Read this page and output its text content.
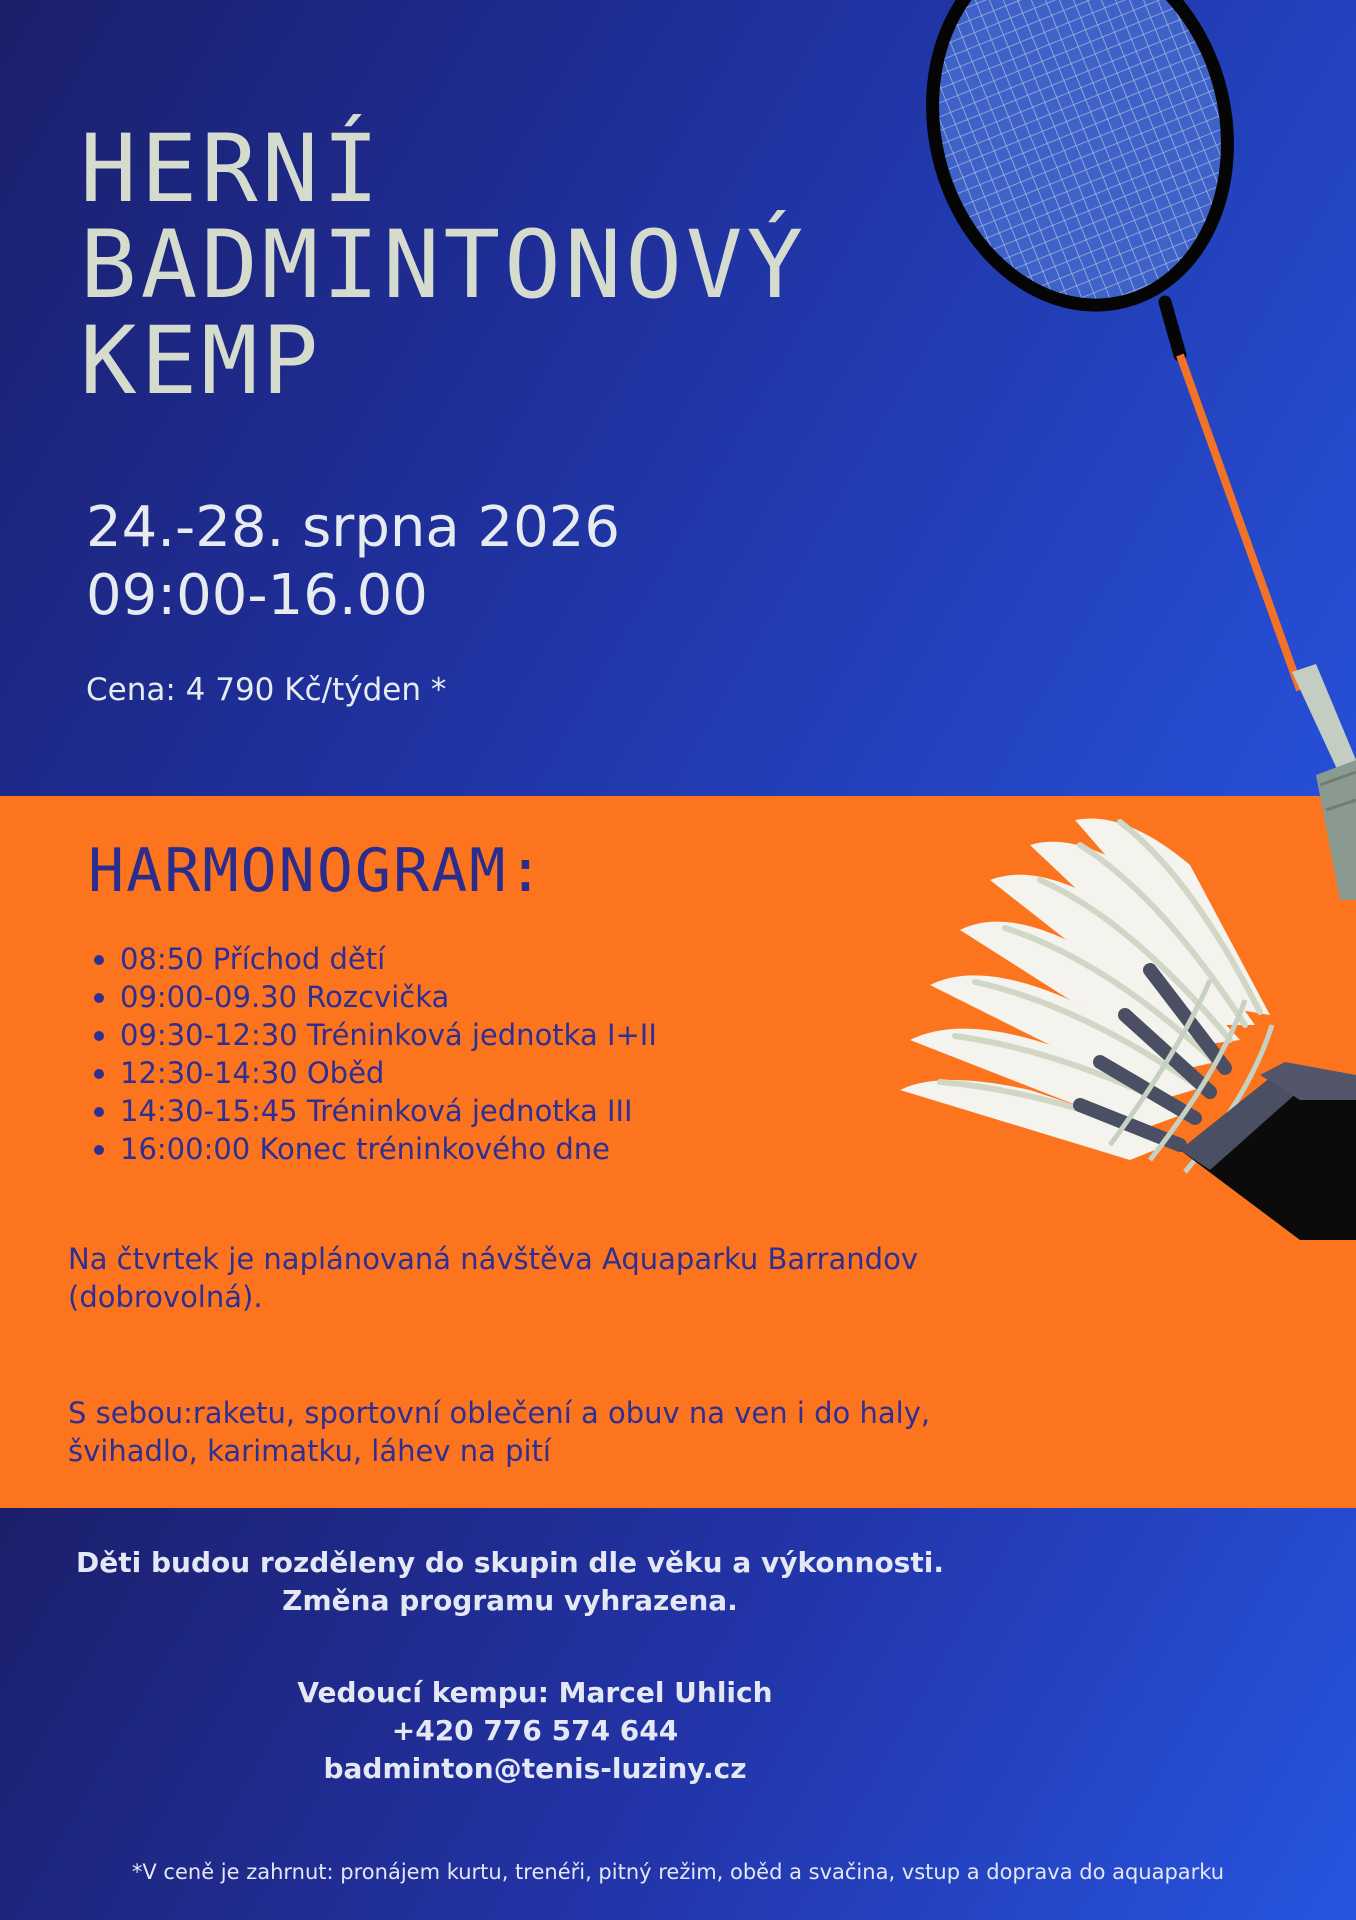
HERNÍ
BADMINTONOVÝ
KEMP
24.-28. srpna 2026
09:00-16.00
Cena: 4 790 Kč/týden *
HARMONOGRAM:
08:50 Příchod dětí
09:00-09.30 Rozcvička
09:30-12:30 Tréninková jednotka I+II
12:30-14:30 Oběd
14:30-15:45 Tréninková jednotka III
16:00:00 Konec tréninkového dne
Na čtvrtek je naplánovaná návštěva Aquaparku Barrandov (dobrovolná).
S sebou:raketu, sportovní oblečení a obuv na ven i do haly, švihadlo, karimatku, láhev na pití
Děti budou rozděleny do skupin dle věku a výkonnosti.
Změna programu vyhrazena.
Vedoucí kempu: Marcel Uhlich
+420 776 574 644
badminton@tenis-luziny.cz
*V ceně je zahrnut: pronájem kurtu, trenéři, pitný režim, oběd a svačina, vstup a doprava do aquaparku
